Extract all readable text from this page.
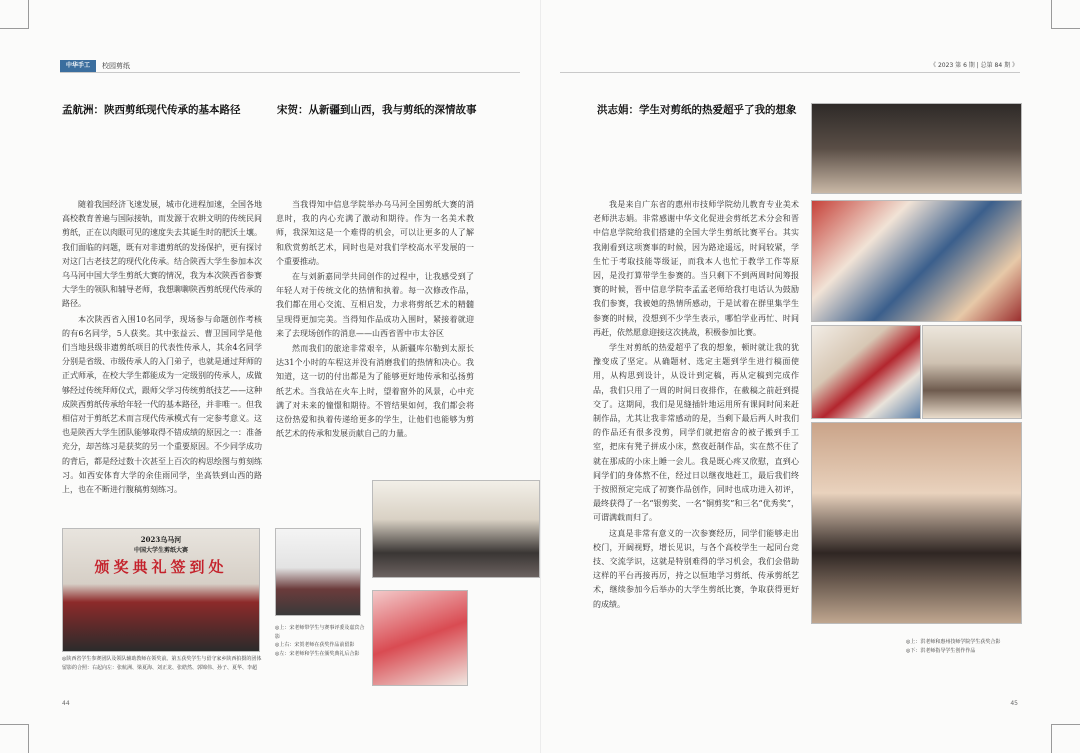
中华手工	校园剪纸	《 2023 第 6 期 | 总第 84 期 》
孟航洲：陕西剪纸现代传承的基本路径

随着我国经济飞速发展，城市化进程加速，全国各地高校教育普遍与国际接轨，而发源于农耕文明的传统民间剪纸，正在以肉眼可见的速度失去其诞生时的肥沃土壤。我们面临的问题，既有对非遗剪纸的发扬保护，更有探讨对这门古老技艺的现代化传承。结合陕西大学生参加本次乌马河中国大学生剪纸大赛的情况，我为本次陕西省参赛大学生的领队和辅导老师，我想聊聊陕西剪纸现代传承的路径。

本次陕西省入围10名同学，现场参与命题创作考核的有6名同学，5人获奖。其中张益云、曹卫国同学是他们当地县级非遗剪纸项目的代表性传承人，其余4名同学分别是省级、市级传承人的入门弟子，也就是通过拜师的正式师承，在校大学生都能成为一定级别的传承人，成做够经过传统拜师仪式，跟师父学习传统剪纸技艺——这种成陕西剪纸传承给年轻一代的基本路径，并非唯一。但我相信对于剪纸艺术而言现代传承模式有一定参考意义。这也是陕西大学生团队能够取得不错成绩的原因之一：准备充分，却苦练习是获奖的另一个重要原因。不少同学成功的背后，都是经过数十次甚至上百次的构思绘图与剪刻练习。如西安体育大学的余佳雨同学，坐高铁到山西的路上，也在不断进行腹稿剪刻练习。

宋贺：从新疆到山西，我与剪纸的深情故事

当我得知中信息学院举办乌马河全国剪纸大赛的消息时，我的内心充满了激动和期待。作为一名美术教师，我深知这是一个难得的机会，可以让更多的人了解和欣赏剪纸艺术，同时也是对我们学校高水平发展的一个重要推动。

在与刘新嘉同学共同创作的过程中，让我感受到了年轻人对于传统文化的热情和执着。每一次修改作品，我们都在用心交流、互相启发，力求将剪纸艺术的精髓呈现得更加完美。当得知作品成功入围时，紧接着就迎来了去现场创作的消息——山西省晋中市太谷区

然而我们的旅途非常艰辛，从新疆库尔勒到太原长达31个小时的车程这并没有消磨我们的热情和决心。我知道，这一切的付出都是为了能够更好地传承和弘扬剪纸艺术。当我站在火车上时，望着窗外的风景，心中充满了对未来的憧憬和期待。不管结果如何，我们都会将这份热爱和执着传递给更多的学生，让他们也能够为剪纸艺术的传承和发展贡献自己的力量。

洪志娟：学生对剪纸的热爱超乎了我的想象

我是来自广东省的惠州市技师学院幼儿教育专业美术老师洪志娟。非常感谢中华文化促进会剪纸艺术分会和晋中信息学院给我们搭建的全国大学生剪纸比赛平台。其实我刚看到这项赛事的时候，因为路途遥远，时间较紧，学生忙于考取技能等级证，而我本人也忙于教学工作等原因，是没打算带学生参赛的。当只剩下不到两周时间筹报赛的时候，晋中信息学院李孟孟老师给我打电话认为鼓励我们参赛，我被她的热情所感动，于是试着在群里集学生参赛的时候，没想到不少学生表示，哪怕学业再忙、时间再赶，依然愿意迎接这次挑战，积极参加比赛。

学生对剪纸的热爱超乎了我的想象，顿时就让我的犹豫变成了坚定。从确题材、选定主题到学生进行稿面使用，从构思到设计，从设计到定稿，再从定稿到完成作品，我们只用了一周的时间日夜排作，在截稿之前赶到提交了。这期间，我们是见缝插针地运用所有课间时间来赶制作品，尤其让我非常感动的是，当剩下最后两人时我们的作品还有很多没剪，同学们就把宿舍的被子搬到手工室，把床有凳子拼成小床，熬夜赶制作品，实在熬不住了就在那成的小床上睡一会儿。我是既心疼又欣慰，直到心间学们的身体熬不住，经过日以继夜地赶工，最后我们终于按照预定完成了初赛作品创作，同时也成功进入初评，最终获得了一名“银剪奖、一名“铜剪奖”和三名“优秀奖”，可谓满载而归了。

这真是非常有意义的一次参赛经历，同学们能够走出校门，开阔视野，增长见识，与各个高校学生一起同台竞技、交流学识，这就是特别难得的学习机会，我们会借助这样的平台再接再厉，持之以恒地学习剪纸、传承剪纸艺术，继续参加今后举办的大学生剪纸比赛，争取获得更好的成绩。

2023乌马河
中国大学生剪纸大赛
颁奖典礼签到处
◎陕西省学生参赛团队及领队辅助教师在领奖前。第五获奖学生与留守家乡陕西拍摄的团体留影的合照：右起向左：张航洲、梁夏海、刘正龙、张皓然、郭锦伟、孙子、夏华、李超
◎上：宋老师带学生与赛事评委及嘉宾合影
◎上右：宋贺老师在获奖作品前留影
◎左：宋老师和学生在颁奖典礼后合影
◎上：洪老师和惠州技师学院学生获奖合影
◎下：洪老师指导学生创作作品
44	45
